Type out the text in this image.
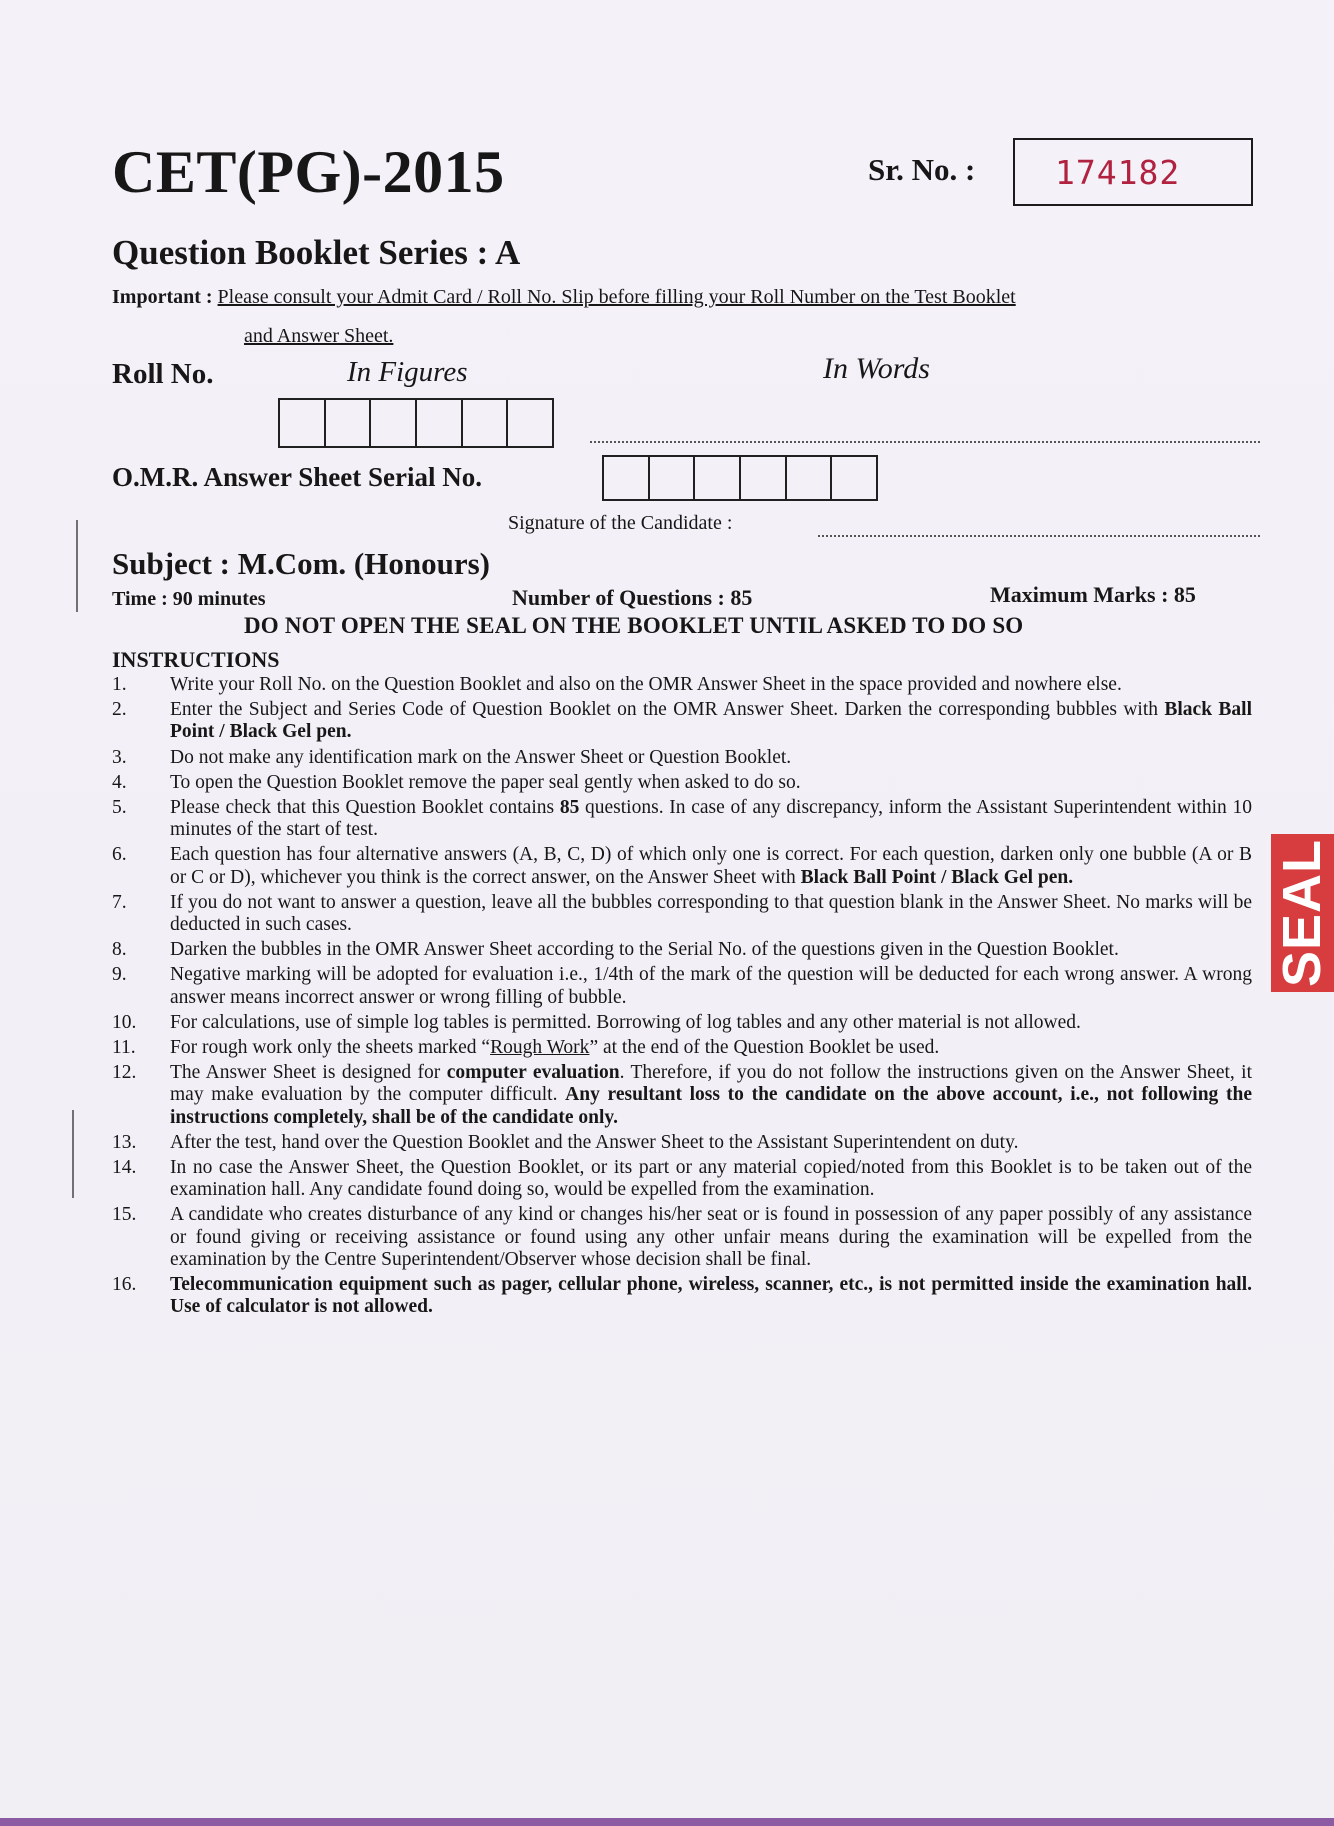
CET(PG)-2015	Sr. No. : 174182
Question Booklet Series : A
Important : Please consult your Admit Card / Roll No. Slip before filling your Roll Number on the Test Booklet
and Answer Sheet.
Roll No.	In Figures	In Words
O.M.R. Answer Sheet Serial No.
Signature of the Candidate :
Subject : M.Com. (Honours)
Time : 90 minutes	Number of Questions : 85	Maximum Marks : 85
DO NOT OPEN THE SEAL ON THE BOOKLET UNTIL ASKED TO DO SO
INSTRUCTIONS
1.	Write your Roll No. on the Question Booklet and also on the OMR Answer Sheet in the space provided and nowhere else.
2.	Enter the Subject and Series Code of Question Booklet on the OMR Answer Sheet. Darken the corresponding bubbles with Black Ball Point / Black Gel pen.
3.	Do not make any identification mark on the Answer Sheet or Question Booklet.
4.	To open the Question Booklet remove the paper seal gently when asked to do so.
5.	Please check that this Question Booklet contains 85 questions. In case of any discrepancy, inform the Assistant Superintendent within 10 minutes of the start of test.
6.	Each question has four alternative answers (A, B, C, D) of which only one is correct. For each question, darken only one bubble (A or B or C or D), whichever you think is the correct answer, on the Answer Sheet with Black Ball Point / Black Gel pen.
7.	If you do not want to answer a question, leave all the bubbles corresponding to that question blank in the Answer Sheet. No marks will be deducted in such cases.
8.	Darken the bubbles in the OMR Answer Sheet according to the Serial No. of the questions given in the Question Booklet.
9.	Negative marking will be adopted for evaluation i.e., 1/4th of the mark of the question will be deducted for each wrong answer. A wrong answer means incorrect answer or wrong filling of bubble.
10.	For calculations, use of simple log tables is permitted. Borrowing of log tables and any other material is not allowed.
11.	For rough work only the sheets marked “Rough Work” at the end of the Question Booklet be used.
12.	The Answer Sheet is designed for computer evaluation. Therefore, if you do not follow the instructions given on the Answer Sheet, it may make evaluation by the computer difficult. Any resultant loss to the candidate on the above account, i.e., not following the instructions completely, shall be of the candidate only.
13.	After the test, hand over the Question Booklet and the Answer Sheet to the Assistant Superintendent on duty.
14.	In no case the Answer Sheet, the Question Booklet, or its part or any material copied/noted from this Booklet is to be taken out of the examination hall. Any candidate found doing so, would be expelled from the examination.
15.	A candidate who creates disturbance of any kind or changes his/her seat or is found in possession of any paper possibly of any assistance or found giving or receiving assistance or found using any other unfair means during the examination will be expelled from the examination by the Centre Superintendent/Observer whose decision shall be final.
16.	Telecommunication equipment such as pager, cellular phone, wireless, scanner, etc., is not permitted inside the examination hall. Use of calculator is not allowed.
SEAL
